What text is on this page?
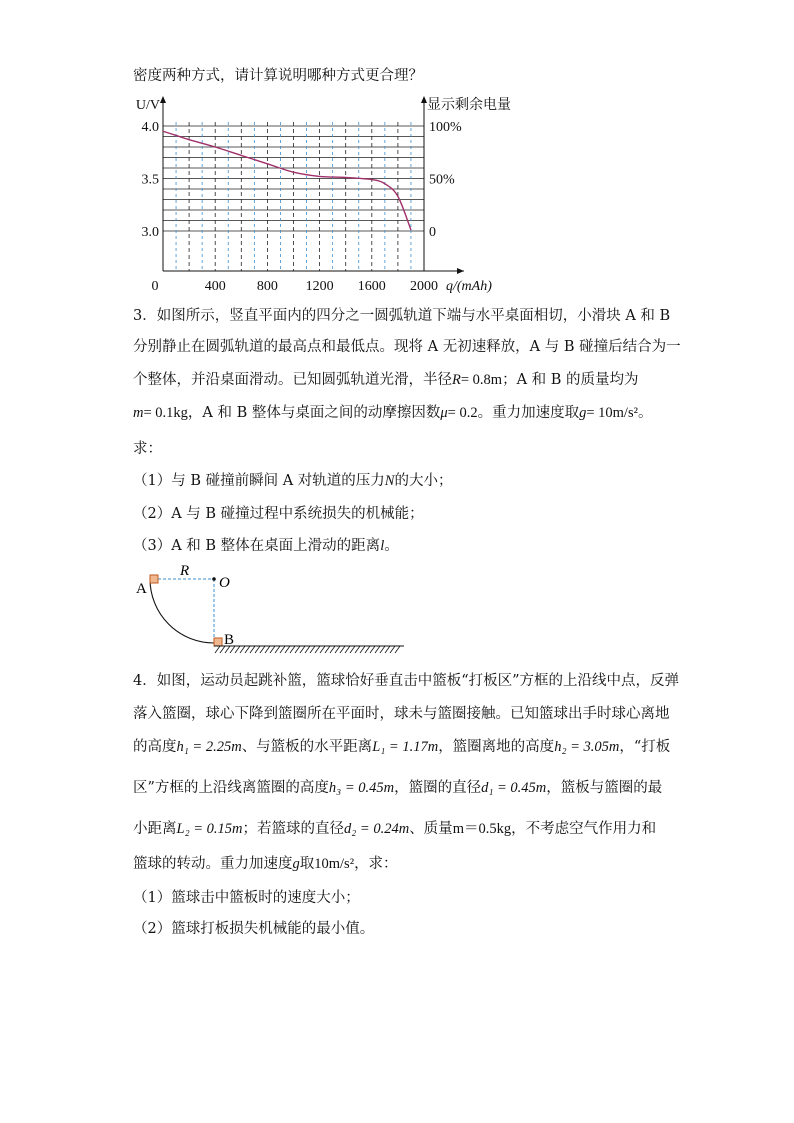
密度两种方式，请计算说明哪种方式更合理？
0	400 800 1200 1600 2000
4.0	100%
3.5	50%
3.0	0
U/V	显示剩余电量
q/(mAh)
3．如图所示，竖直平面内的四分之一圆弧轨道下端与水平桌面相切，小滑块 A 和 B
分别静止在圆弧轨道的最高点和最低点。现将 A 无初速释放，A 与 B 碰撞后结合为一
个整体，并沿桌面滑动。已知圆弧轨道光滑，半径R= 0.8m；A 和 B 的质量均为
m= 0.1kg，A 和 B 整体与桌面之间的动摩擦因数μ= 0.2。重力加速度取g= 10m/s²。
求：
（1）与 B 碰撞前瞬间 A 对轨道的压力N的大小；
（2）A 与 B 碰撞过程中系统损失的机械能；
（3）A 和 B 整体在桌面上滑动的距离l。
A
B
R
O
4．如图，运动员起跳补篮，篮球恰好垂直击中篮板“打板区”方框的上沿线中点，反弹
落入篮圈，球心下降到篮圈所在平面时，球未与篮圈接触。已知篮球出手时球心离地
的高度h₁ = 2.25m、与篮板的水平距离L₁ = 1.17m，篮圈离地的高度h₂ = 3.05m，“打板
区”方框的上沿线离篮圈的高度h₃ = 0.45m，篮圈的直径d₁ = 0.45m，篮板与篮圈的最
小距离L₂ = 0.15m；若篮球的直径d₂ = 0.24m、质量m＝0.5kg，不考虑空气作用力和
篮球的转动。重力加速度g取10m/s²，求：
（1）篮球击中篮板时的速度大小；
（2）篮球打板损失机械能的最小值。
